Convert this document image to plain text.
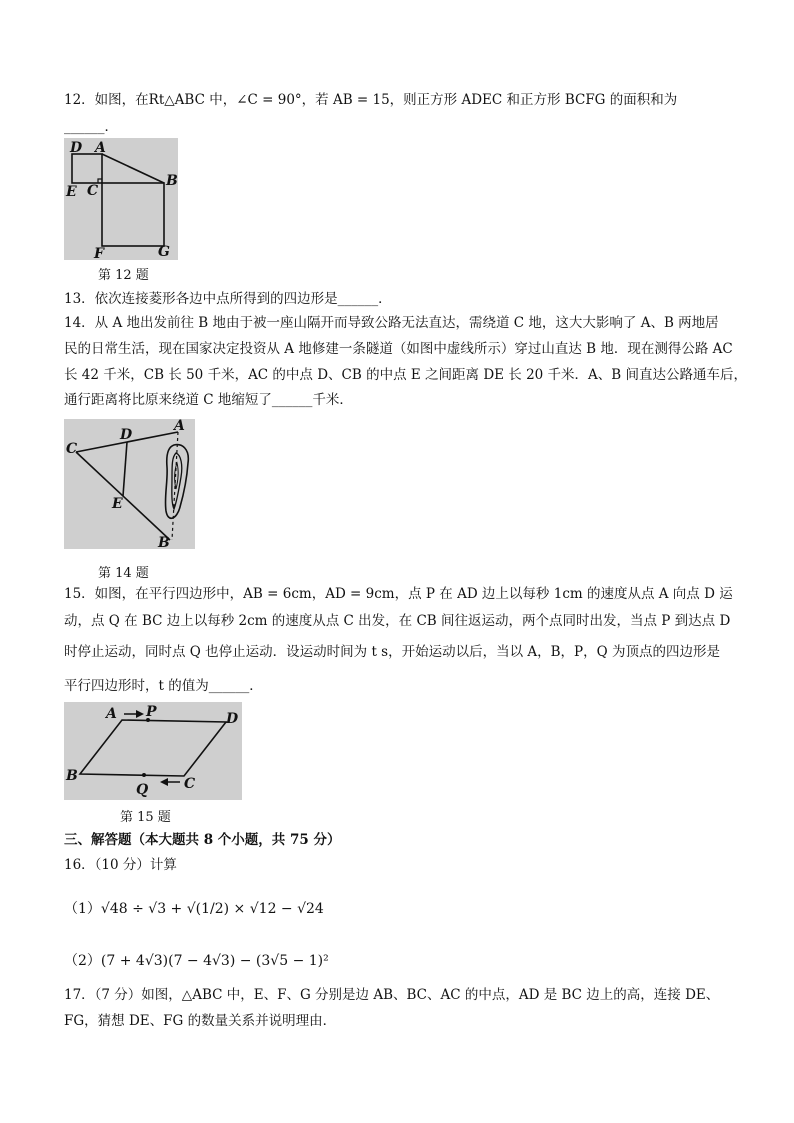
12．如图，在Rt△ABC 中，∠C = 90°，若 AB = 15，则正方形 ADEC 和正方形 BCFG 的面积和为
______．
D A
E C
B
F	G
第 12 题
13．依次连接菱形各边中点所得到的四边形是______．
14．从 A 地出发前往 B 地由于被一座山隔开而导致公路无法直达，需绕道 C 地，这大大影响了 A、B 两地居
民的日常生活，现在国家决定投资从 A 地修建一条隧道（如图中虚线所示）穿过山直达 B 地．现在测得公路 AC
长 42 千米，CB 长 50 千米，AC 的中点 D、CB 的中点 E 之间距离 DE 长 20 千米．A、B 间直达公路通车后，
通行距离将比原来绕道 C 地缩短了______千米．
C
D
A
E
B
第 14 题
15．如图，在平行四边形中，AB = 6cm，AD = 9cm，点 P 在 AD 边上以每秒 1cm 的速度从点 A 向点 D 运
动，点 Q 在 BC 边上以每秒 2cm 的速度从点 C 出发，在 CB 间往返运动，两个点同时出发，当点 P 到达点 D
时停止运动，同时点 Q 也停止运动．设运动时间为 t s，开始运动以后，当以 A，B，P，Q 为顶点的四边形是
平行四边形时，t 的值为______．
A P	D
B
Q	C
第 15 题
三、解答题（本大题共 8 个小题，共 75 分）
16．（10 分）计算
（1）√48 ÷ √3 + √(1/2) × √12 − √24
（2）(7 + 4√3)(7 − 4√3) − (3√5 − 1)²
17．（7 分）如图，△ABC 中，E、F、G 分别是边 AB、BC、AC 的中点，AD 是 BC 边上的高，连接 DE、
FG，猜想 DE、FG 的数量关系并说明理由．
